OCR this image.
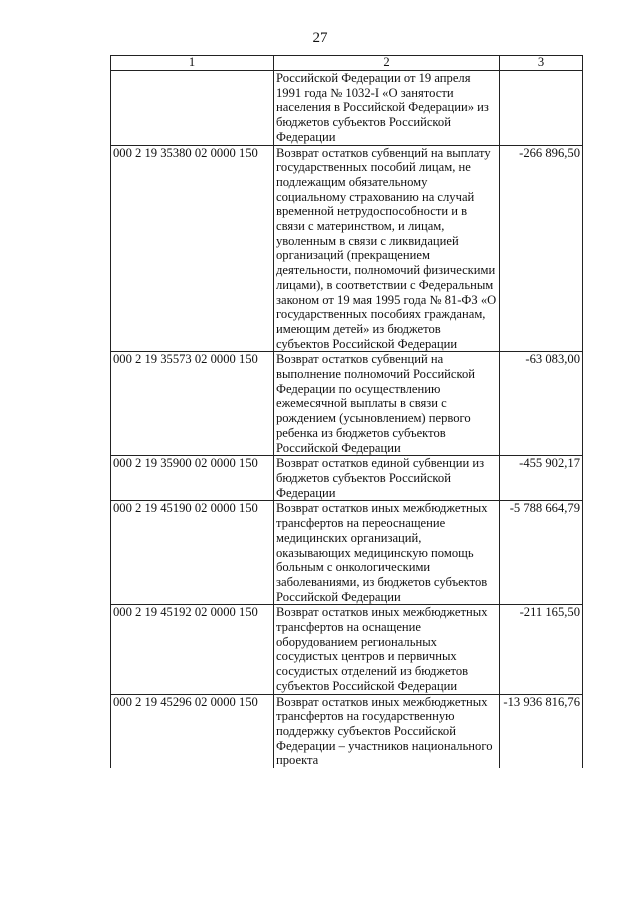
27
1	2	3
	Российской Федерации от 19 апреля 1991 года № 1032-I «О занятости населения в Российской Федерации» из бюджетов субъектов Российской Федерации	
000 2 19 35380 02 0000 150	Возврат остатков субвенций на выплату государственных пособий лицам, не подлежащим обязательному социальному страхованию на случай временной нетрудоспособности и в связи с материнством, и лицам, уволенным в связи с ликвидацией организаций (прекращением деятельности, полномочий физическими лицами), в соответствии с Федеральным законом от 19 мая 1995 года № 81-ФЗ «О государственных пособиях гражданам, имеющим детей» из бюджетов субъектов Российской Федерации	-266 896,50
000 2 19 35573 02 0000 150	Возврат остатков субвенций на выполнение полномочий Российской Федерации по осуществлению ежемесячной выплаты в связи с рождением (усыновлением) первого ребенка из бюджетов субъектов Российской Федерации	-63 083,00
000 2 19 35900 02 0000 150	Возврат остатков единой субвенции из бюджетов субъектов Российской Федерации	-455 902,17
000 2 19 45190 02 0000 150	Возврат остатков иных межбюджетных трансфертов на переоснащение медицинских организаций, оказывающих медицинскую помощь больным с онкологическими заболеваниями, из бюджетов субъектов Российской Федерации	-5 788 664,79
000 2 19 45192 02 0000 150	Возврат остатков иных межбюджетных трансфертов на оснащение оборудованием региональных сосудистых центров и первичных сосудистых отделений из бюджетов субъектов Российской Федерации	-211 165,50
000 2 19 45296 02 0000 150	Возврат остатков иных межбюджетных трансфертов на государственную поддержку субъектов Российской Федерации – участников национального проекта	-13 936 816,76
